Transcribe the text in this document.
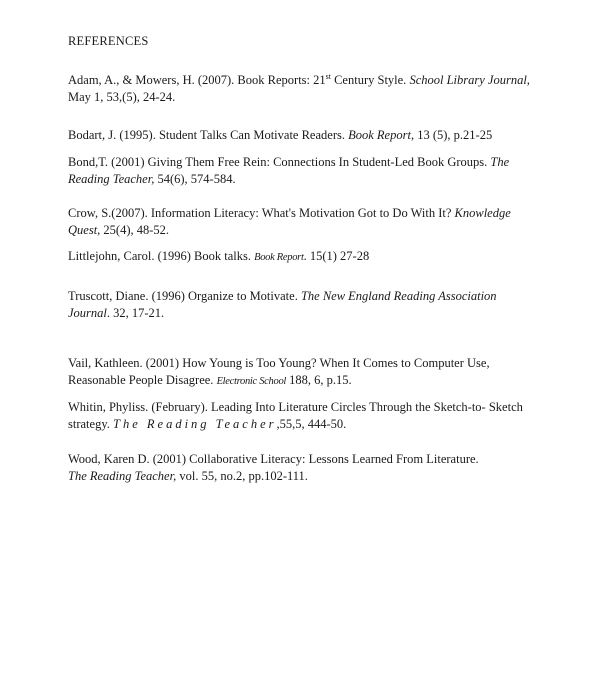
REFERENCES
Adam, A., & Mowers, H. (2007). Book Reports: 21st Century Style. School Library Journal,
May 1, 53,(5), 24-24.
Bodart, J. (1995). Student Talks Can Motivate Readers. Book Report, 13 (5), p.21-25
Bond,T. (2001) Giving Them Free Rein: Connections In Student-Led Book Groups. The
Reading Teacher, 54(6), 574-584.
Crow, S.(2007). Information Literacy: What's Motivation Got to Do With It? Knowledge
Quest, 25(4), 48-52.
Littlejohn, Carol. (1996) Book talks. Book Report. 15(1) 27-28
Truscott, Diane. (1996) Organize to Motivate. The New England Reading Association
Journal. 32, 17-21.
Vail, Kathleen. (2001) How Young is Too Young? When It Comes to Computer Use,
Reasonable People Disagree. Electronic School 188, 6, p.15.
Whitin, Phyliss. (February). Leading Into Literature Circles Through the Sketch-to- Sketch
strategy. The Reading Teacher,55,5, 444-50.
Wood, Karen D. (2001) Collaborative Literacy: Lessons Learned From Literature.
The Reading Teacher, vol. 55, no.2, pp.102-111.
